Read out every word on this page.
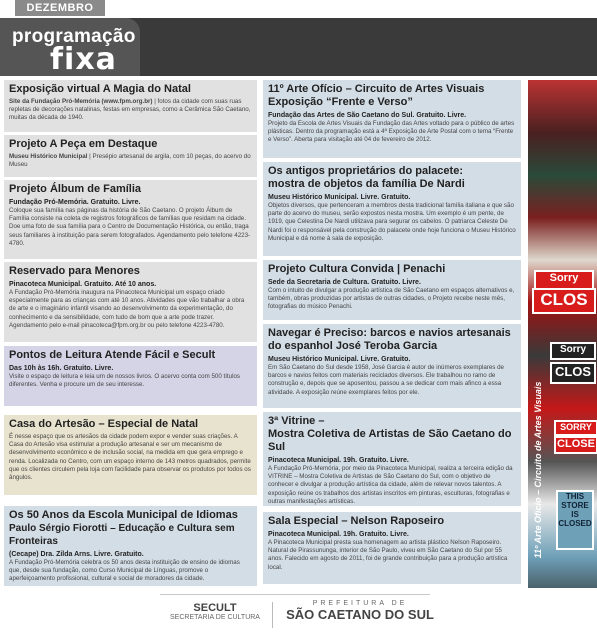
DEZEMBRO
programação
fixa
Exposição virtual A Magia do Natal

Site da Fundação Pró-Memória (www.fpm.org.br) | fotos da cidade com suas ruas repletas de decorações natalinas, festas em empresas, como a Cerâmica São Caetano, muitas da década de 1940.

Projeto A Peça em Destaque

Museu Histórico Municipal | Presépio artesanal de argila, com 10 peças, do acervo do Museu

Projeto Álbum de Família
Fundação Pró-Memória. Gratuito. Livre.

Coloque sua família nas páginas da história de São Caetano. O projeto Álbum de Família consiste na coleta de registros fotográficos de famílias que residam na cidade. Doe uma foto de sua família para o Centro de Documentação Histórica, ou então, traga seus familiares à instituição para serem fotografados. Agendamento pelo telefone 4223-4780.

Reservado para Menores
Pinacoteca Municipal. Gratuito. Até 10 anos.

A Fundação Pró-Memória inaugura na Pinacoteca Municipal um espaço criado especialmente para as crianças com até 10 anos. Atividades que vão trabalhar a obra de arte e o imaginário infantil visando ao desenvolvimento da experimentação, do conhecimento e da sensibilidade, com tudo de bom que a arte pode trazer. Agendamento pelo e-mail pinacoteca@fpm.org.br ou pelo telefone 4223-4780.

Pontos de Leitura Atende Fácil e Secult
Das 10h às 16h. Gratuito. Livre.

Visite o espaço de leitura e leia um de nossos livros. O acervo conta com 500 títulos diferentes. Venha e procure um de seu interesse.

Casa do Artesão – Especial de Natal

É nesse espaço que os artesãos da cidade podem expor e vender suas criações. A Casa do Artesão visa estimular a produção artesanal e ser um mecanismo de desenvolvimento econômico e de inclusão social, na medida em que gera emprego e renda. Localizada no Centro, com um espaço interno de 143 metros quadrados, permite que os clientes circulem pela loja com facilidade para observar os produtos por todos os ângulos.

Os 50 Anos da Escola Municipal de Idiomas
Paulo Sérgio Fiorotti – Educação e Cultura sem Fronteiras
(Cecape) Dra. Zilda Arns. Livre. Gratuito.

A Fundação Pró-Memória celebra os 50 anos desta instituição de ensino de idiomas que, desde sua fundação, como Curso Municipal de Línguas, promove o aperfeiçoamento profissional, cultural e social de moradores da cidade.

11º Arte Ofício – Circuito de Artes Visuais
Exposição “Frente e Verso”
Fundação das Artes de São Caetano do Sul. Gratuito. Livre.

Projeto da Escola de Artes Visuais da Fundação das Artes voltado para o público de artes plásticas. Dentro da programação está a 4ª Exposição de Arte Postal com o tema “Frente e Verso”. Aberta para visitação até 04 de fevereiro de 2012.

Os antigos proprietários do palacete:
mostra de objetos da família De Nardi
Museu Histórico Municipal. Livre. Gratuito.

Objetos diversos, que pertenceram a membros desta tradicional família italiana e que são parte do acervo do museu, serão expostos nesta mostra. Um exemplo é um pente, de 1919, que Celestina De Nardi utilizava para segurar os cabelos. O patriarca Celeste De Nardi foi o responsável pela construção do palacete onde hoje funciona o Museu Histórico Municipal e dá nome à sala de exposição.

Projeto Cultura Convida | Penachi
Sede da Secretaria de Cultura. Gratuito. Livre.

Com o intuito de divulgar a produção artística de São Caetano em espaços alternativos e, também, obras produzidas por artistas de outras cidades, o Projeto recebe neste mês, fotografias do músico Penachi.

Navegar é Preciso: barcos e navios artesanais
do espanhol José Teroba Garcia
Museu Histórico Municipal. Livre. Gratuito.

Em São Caetano do Sul desde 1958, José Garcia é autor de inúmeros exemplares de barcos e navios feitos com materiais reciclados diversos. Ele trabalhou no ramo de construção e, depois que se aposentou, passou a se dedicar com mais afinco a essa atividade. A exposição reúne exemplares feitos por ele.

3ª Vitrine –
Mostra Coletiva de Artistas de São Caetano do Sul
Pinacoteca Municipal. 19h. Gratuito. Livre.

A Fundação Pró-Memória, por meio da Pinacoteca Municipal, realiza a terceira edição da VITRINE – Mostra Coletiva de Artistas de São Caetano do Sul, com o objetivo de conhecer e divulgar a produção artística da cidade, além de relevar novos talentos. A exposição reúne os trabalhos dos artistas inscritos em pinturas, esculturas, fotografias e outras manifestações artísticas.

Sala Especial – Nelson Raposeiro
Pinacoteca Municipal. 19h. Gratuito. Livre.

A Pinacoteca Municipal presta sua homenagem ao artista plástico Nelson Raposeiro. Natural de Pirassununga, interior de São Paulo, viveu em São Caetano do Sul por 55 anos. Falecido em agosto de 2011, foi de grande contribuição para a produção artística local.

Sorry
CLOS
Sorry
CLOS
SORRY
CLOSE
THIS STORE IS CLOSED
11º Arte Ofício – Circuito de Artes Visuais
SECULT
SECRETARIA DE CULTURA
PREFEITURA DE
SÃO CAETANO DO SUL
